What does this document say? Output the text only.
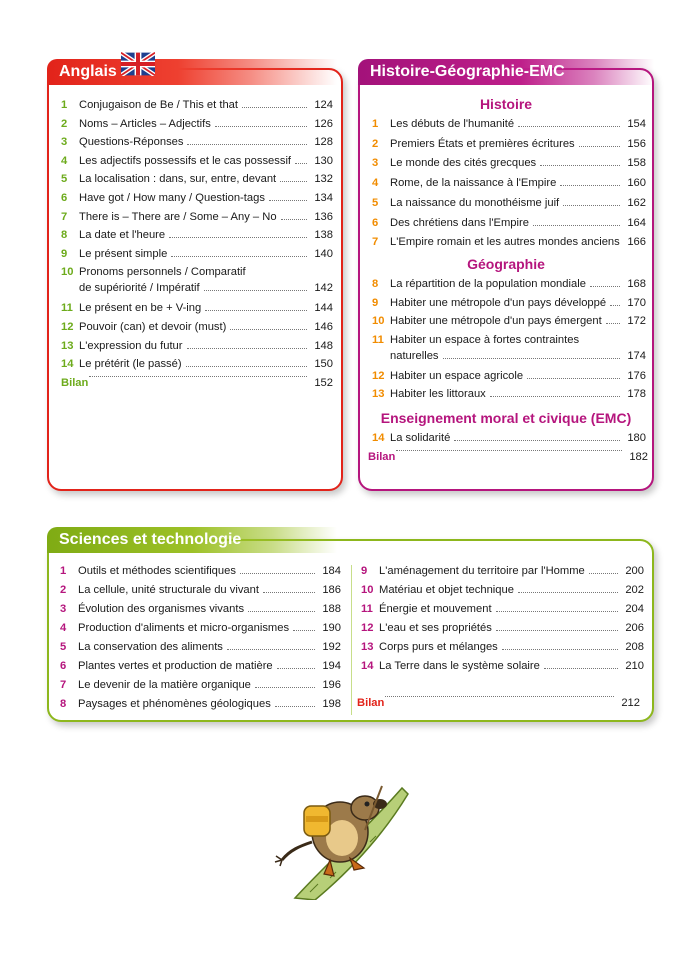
Anglais
1	Conjugaison de Be / This et that	124
2	Noms – Articles – Adjectifs	126
3	Questions-Réponses	128
4	Les adjectifs possessifs et le cas possessif 130
5	La localisation : dans, sur, entre, devant	132
6	Have got / How many / Question-tags	134
7	There is – There are / Some – Any – No	136
8	La date et l'heure	138
9	Le présent simple	140
10 Pronoms personnels / Comparatif
de supériorité / Impératif	142
11 Le présent en be + V-ing	144
12 Pouvoir (can) et devoir (must)	146
13 L'expression du futur	148
14 Le prétérit (le passé)	150
Bilan	152
Histoire-Géographie-EMC
Histoire
Géographie
Enseignement moral et civique (EMC)
1	Les débuts de l'humanité	154
2	Premiers États et premières écritures	156
3	Le monde des cités grecques	158
4	Rome, de la naissance à l'Empire	160
5	La naissance du monothéisme juif	162
6	Des chrétiens dans l'Empire	164
7	L'Empire romain et les autres mondes anciens 166
8	La répartition de la population mondiale	168
9	Habiter une métropole d'un pays développé 170
10 Habiter une métropole d'un pays émergent 172
11 Habiter un espace à fortes contraintes
naturelles	174
12 Habiter un espace agricole	176
13 Habiter les littoraux	178
14 La solidarité	180
Bilan	182
Sciences et technologie
1	Outils et méthodes scientifiques	184
2	La cellule, unité structurale du vivant	186
3	Évolution des organismes vivants	188
4	Production d'aliments et micro-organismes	190
5	La conservation des aliments	192
6	Plantes vertes et production de matière	194
7	Le devenir de la matière organique	196
8	Paysages et phénomènes géologiques	198
9	L'aménagement du territoire par l'Homme	200
10 Matériau et objet technique	202
11 Énergie et mouvement	204
12 L'eau et ses propriétés	206
13 Corps purs et mélanges	208
14 La Terre dans le système solaire	210
Bilan	212
